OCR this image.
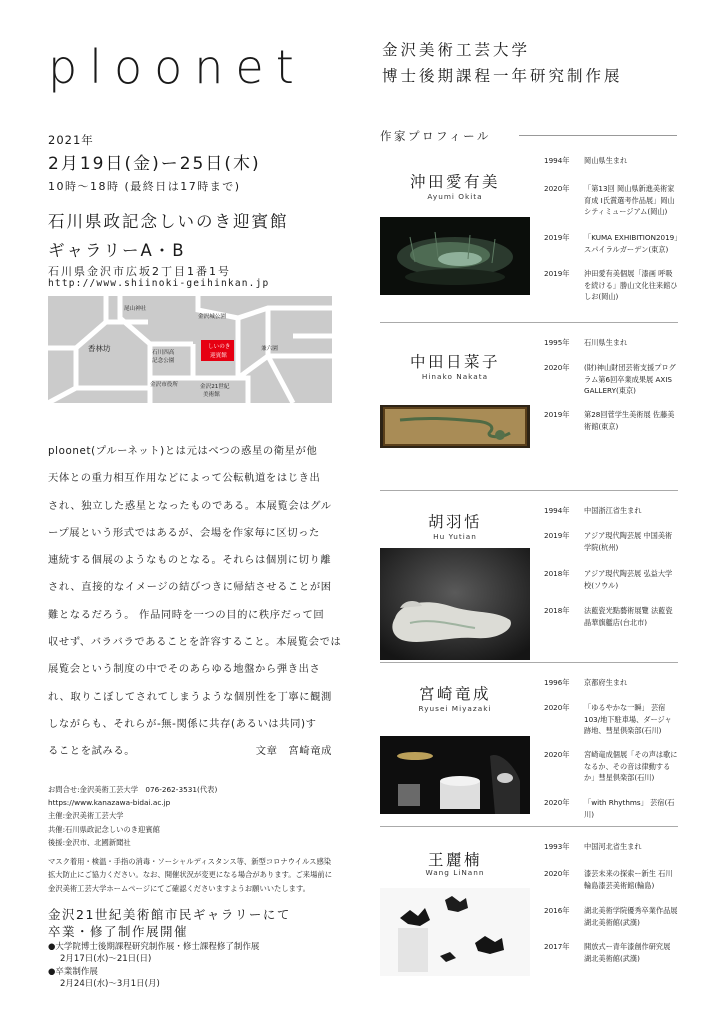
ploonet	金沢美術工芸大学
博士後期課程一年研究制作展
2021年
2月19日(金)ー25日(木)
10時〜18時 (最終日は17時まで)
石川県政記念しいのき迎賓館
ギャラリーA・B
石川県金沢市広坂2丁目1番1号
http://www.shiinoki-geihinkan.jp
尾山神社
金沢城公園
香林坊	石川四高
記念公園
しいのき
迎賓館
兼六園
金沢市役所	金沢21世紀
美術館
ploonet(プルーネット)とは元はべつの惑星の衛星が他
天体との重力相互作用などによって公転軌道をはじき出
され、独立した惑星となったものである。本展覧会はグル
ープ展という形式ではあるが、会場を作家毎に区切った
連続する個展のようなものとなる。それらは個別に切り離
され、直接的なイメージの結びつきに帰結させることが困
難となるだろう。 作品同時を一つの目的に秩序だって回
収せず、バラバラであることを許容すること。本展覧会では
展覧会という制度の中でそのあらゆる地盤から弾き出さ
れ、取りこぼしてされてしまうような個別性を丁寧に観測
しながらも、それらが-無-関係に共存(あるいは共同)す
ることを試みる。	文章　宮崎竜成
お問合せ:金沢美術工芸大学　076-262-3531(代表)
https://www.kanazawa-bidai.ac.jp
主催:金沢美術工芸大学
共催:石川県政記念しいのき迎賓館
後援:金沢市、北國新聞社
マスク着用・検温・手指の消毒・ソーシャルディスタンス等、新型コロナウイルス感染拡大防止にご協力ください。なお、開催状況が変更になる場合があります。ご来場前に金沢美術工芸大学ホームページにてご確認くださいますようお願いいたします。
金沢21世紀美術館市民ギャラリーにて
卒業・修了制作展開催
●大学院博士後期課程研究制作展・修士課程修了制作展
2月17日(水)〜21日(日)
●卒業制作展
2月24日(水)〜3月1日(月)
作家プロフィール
沖田愛有美
Ayumi Okita
1994年 岡山県生まれ
2020年 「第13回 岡山県新進美術家育成 I氏賞選考作品展」岡山シティミュージアム(岡山)
2019年 「KUMA EXHIBITION2019」スパイラルガーデン(東京)
2019年 沖田愛有美個展「漆画 呼吸を続ける」勝山文化往来館ひしお(岡山)
中田日菜子
Hinako Nakata
1995年 石川県生まれ
2020年 (財)神山財団芸術支援プログラム第6回卒業成果展 AXIS GALLERY(東京)
2019年 第28回菅学生美術展 佐藤美術館(東京)
胡羽恬
Hu Yutian
1994年 中国浙江省生まれ
2019年 アジア現代陶芸展 中国美術学院(杭州)
2018年 アジア現代陶芸展 弘益大学校(ソウル)
2018年 法藍瓷光點藝術展覽 法藍瓷晶華旗艦店(台北市)
宮崎竜成
Ryusei Miyazaki
1996年 京都府生まれ
2020年 「ゆるやかな一瞬」 芸宿103/地下駐車場、ダージャ跡地、彗星倶楽部(石川)
2020年 宮崎竜成個展「その声は歌になるか、その音は律動するか」彗星倶楽部(石川)
2020年 「with Rhythms」 芸宿(石川)
王麗楠
Wang LiNann
1993年 中国河北省生まれ
2020年 漆芸未来の探索ー新生 石川輪島漆芸美術館(輪島)
2016年 湖北美術学院優秀卒業作品展 湖北美術館(武漢)
2017年 開放式ー青年漆創作研究展 湖北美術館(武漢)
